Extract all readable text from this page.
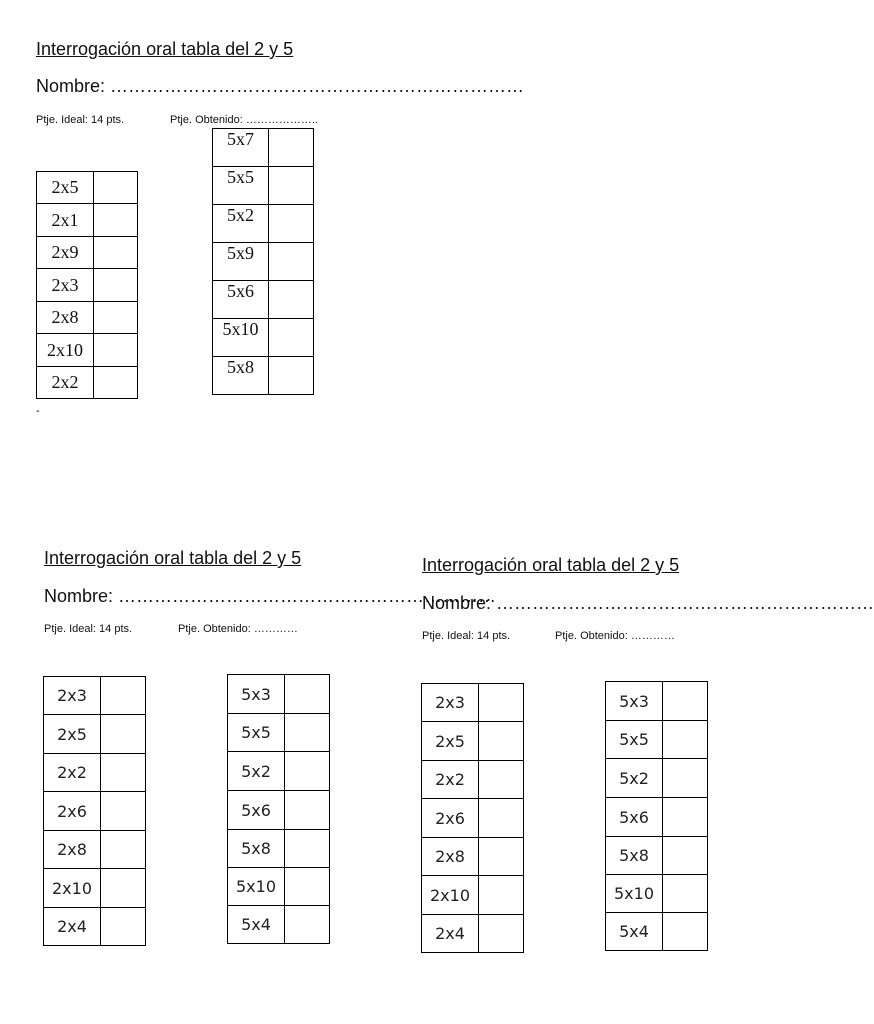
Interrogación oral tabla del 2 y 5
Nombre: ……………………………………………………………
Ptje. Ideal: 14 pts.	Ptje. Obtenido: ………………..
2x5	
2x1	
2x9	
2x3	
2x8	
2x10	
2x2	
5x7	
5x5	
5x2	
5x9	
5x6	
5x10	
5x8	
-
Interrogación oral tabla del 2 y 5
Nombre: ………………………………………………………
Ptje. Ideal: 14 pts.	Ptje. Obtenido: …………
2x3	
2x5	
2x2	
2x6	
2x8	
2x10	
2x4	
5x3	
5x5	
5x2	
5x6	
5x8	
5x10	
5x4	
Interrogación oral tabla del 2 y 5
Nombre: ………………………………………………………
Ptje. Ideal: 14 pts.	Ptje. Obtenido: …………
2x3	
2x5	
2x2	
2x6	
2x8	
2x10	
2x4	
5x3	
5x5	
5x2	
5x6	
5x8	
5x10	
5x4	
